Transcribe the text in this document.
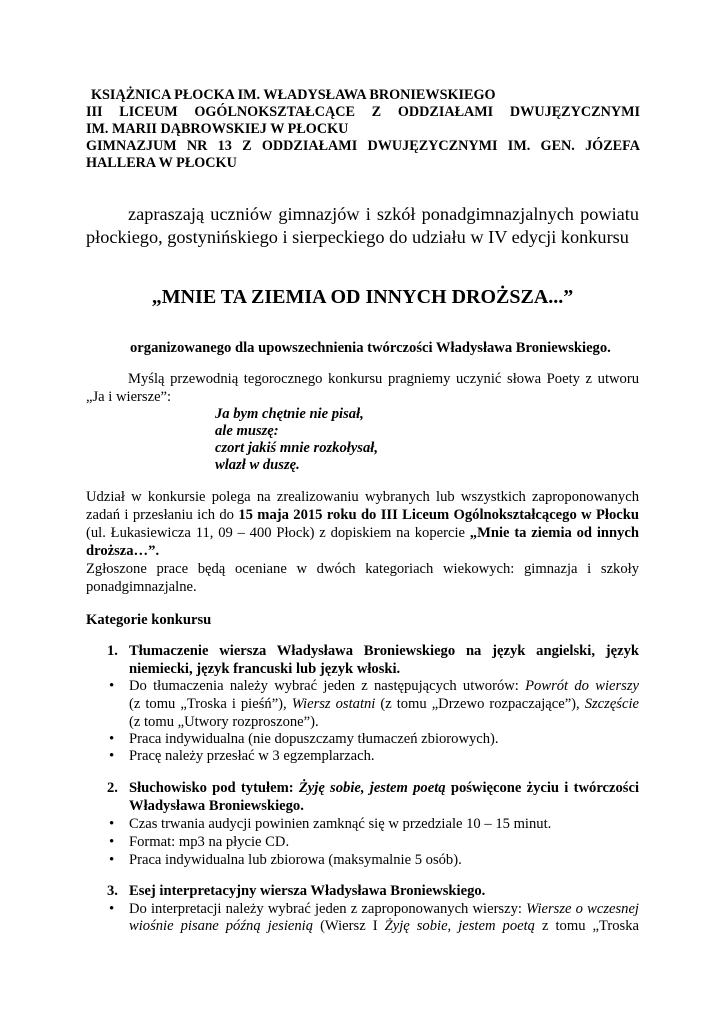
KSIĄŻNICA PŁOCKA IM. WŁADYSŁAWA BRONIEWSKIEGO
III LICEUM OGÓLNOKSZTAŁCĄCE Z ODDZIAŁAMI DWUJĘZYCZNYMI
IM. MARII DĄBROWSKIEJ W PŁOCKU
GIMNAZJUM NR 13 Z ODDZIAŁAMI DWUJĘZYCZNYMI IM. GEN. JÓZEFA
HALLERA W PŁOCKU
zapraszają uczniów gimnazjów i szkół ponadgimnazjalnych powiatu
płockiego, gostynińskiego i sierpeckiego do udziału w IV edycji konkursu
„MNIE TA ZIEMIA OD INNYCH DROŻSZA...”
organizowanego dla upowszechnienia twórczości Władysława Broniewskiego.
Myślą przewodnią tegorocznego konkursu pragniemy uczynić słowa Poety z utworu
„Ja i wiersze”:
Ja bym chętnie nie pisał,
ale muszę:
czort jakiś mnie rozkołysał,
wlazł w duszę.
Udział w konkursie polega na zrealizowaniu wybranych lub wszystkich zaproponowanych
zadań i przesłaniu ich do 15 maja 2015 roku do III Liceum Ogólnokształcącego w Płocku
(ul. Łukasiewicza 11, 09 – 400 Płock) z dopiskiem na kopercie „Mnie ta ziemia od innych
droższa…”.
Zgłoszone prace będą oceniane w dwóch kategoriach wiekowych: gimnazja i szkoły
ponadgimnazjalne.
Kategorie konkursu
1. Tłumaczenie wiersza Władysława Broniewskiego na język angielski, język
niemiecki, język francuski lub język włoski.
• Do tłumaczenia należy wybrać jeden z następujących utworów: Powrót do wierszy
(z tomu „Troska i pieśń”), Wiersz ostatni (z tomu „Drzewo rozpaczające”), Szczęście
(z tomu „Utwory rozproszone”).
• Praca indywidualna (nie dopuszczamy tłumaczeń zbiorowych).
• Pracę należy przesłać w 3 egzemplarzach.
2. Słuchowisko pod tytułem: Żyję sobie, jestem poetą poświęcone życiu i twórczości
Władysława Broniewskiego.
• Czas trwania audycji powinien zamknąć się w przedziale 10 – 15 minut.
• Format: mp3 na płycie CD.
• Praca indywidualna lub zbiorowa (maksymalnie 5 osób).
3. Esej interpretacyjny wiersza Władysława Broniewskiego.
• Do interpretacji należy wybrać jeden z zaproponowanych wierszy: Wiersze o wczesnej
wiośnie pisane późną jesienią (Wiersz I Żyję sobie, jestem poetą z tomu „Troska
